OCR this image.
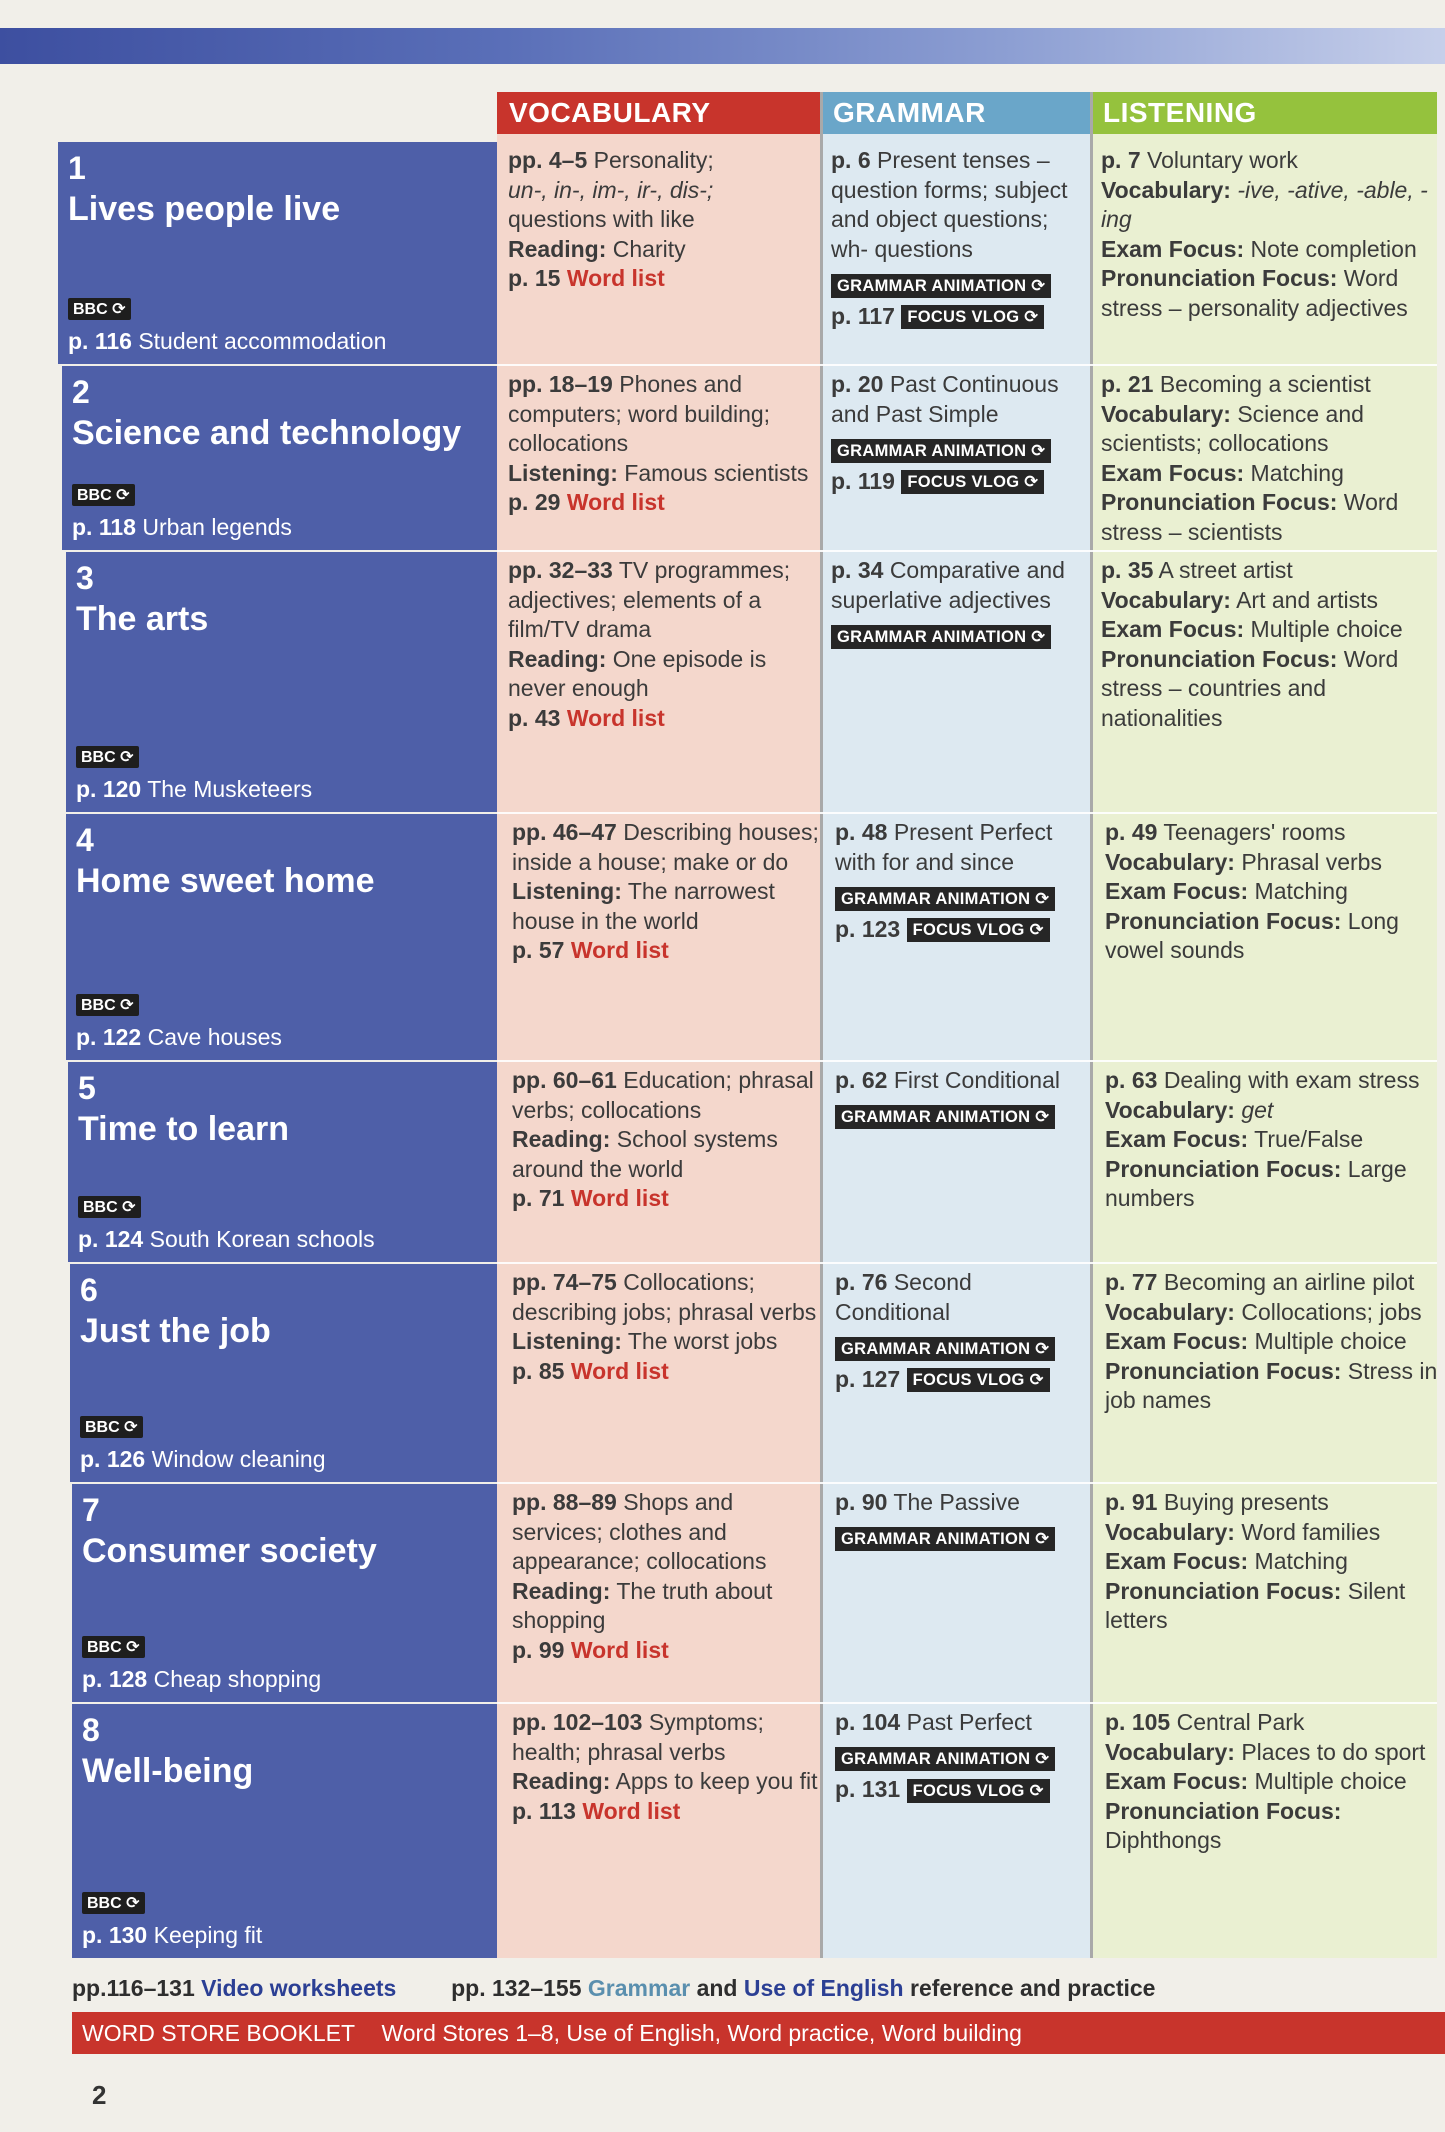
VOCABULARY	GRAMMAR	LISTENING
1
Lives people live
BBC ⟳
p. 116 Student accommodation
pp. 4–5 Personality;
un-, in-, im-, ir-, dis-;
questions with like
Reading: Charity
p. 15 Word list
p. 6 Present tenses – question forms; subject and object questions; wh- questions
GRAMMAR ANIMATION ⟳
p. 117 FOCUS VLOG ⟳
p. 7 Voluntary work
Vocabulary: -ive, -ative, -able, -ing
Exam Focus: Note completion
Pronunciation Focus: Word stress – personality adjectives
2
Science and technology
BBC ⟳
p. 118 Urban legends
pp. 18–19 Phones and computers; word building; collocations
Listening: Famous scientists
p. 29 Word list
p. 20 Past Continuous and Past Simple
GRAMMAR ANIMATION ⟳
p. 119 FOCUS VLOG ⟳
p. 21 Becoming a scientist
Vocabulary: Science and scientists; collocations
Exam Focus: Matching
Pronunciation Focus: Word stress – scientists
3
The arts
BBC ⟳
p. 120 The Musketeers
pp. 32–33 TV programmes; adjectives; elements of a film/TV drama
Reading: One episode is never enough
p. 43 Word list
p. 34 Comparative and superlative adjectives
GRAMMAR ANIMATION ⟳
p. 35 A street artist
Vocabulary: Art and artists
Exam Focus: Multiple choice
Pronunciation Focus: Word stress – countries and nationalities
4
Home sweet home
BBC ⟳
p. 122 Cave houses
pp. 46–47 Describing houses; inside a house; make or do
Listening: The narrowest house in the world
p. 57 Word list
p. 48 Present Perfect with for and since
GRAMMAR ANIMATION ⟳
p. 123 FOCUS VLOG ⟳
p. 49 Teenagers' rooms
Vocabulary: Phrasal verbs
Exam Focus: Matching
Pronunciation Focus: Long vowel sounds
5
Time to learn
BBC ⟳
p. 124 South Korean schools
pp. 60–61 Education; phrasal verbs; collocations
Reading: School systems around the world
p. 71 Word list
p. 62 First Conditional
GRAMMAR ANIMATION ⟳
p. 63 Dealing with exam stress
Vocabulary: get
Exam Focus: True/False
Pronunciation Focus: Large numbers
6
Just the job
BBC ⟳
p. 126 Window cleaning
pp. 74–75 Collocations; describing jobs; phrasal verbs
Listening: The worst jobs
p. 85 Word list
p. 76 Second Conditional
GRAMMAR ANIMATION ⟳
p. 127 FOCUS VLOG ⟳
p. 77 Becoming an airline pilot
Vocabulary: Collocations; jobs
Exam Focus: Multiple choice
Pronunciation Focus: Stress in job names
7
Consumer society
BBC ⟳
p. 128 Cheap shopping
pp. 88–89 Shops and services; clothes and appearance; collocations
Reading: The truth about shopping
p. 99 Word list
p. 90 The Passive
GRAMMAR ANIMATION ⟳
p. 91 Buying presents
Vocabulary: Word families
Exam Focus: Matching
Pronunciation Focus: Silent letters
8
Well-being
BBC ⟳
p. 130 Keeping fit
pp. 102–103 Symptoms; health; phrasal verbs
Reading: Apps to keep you fit
p. 113 Word list
p. 104 Past Perfect
GRAMMAR ANIMATION ⟳
p. 131 FOCUS VLOG ⟳
p. 105 Central Park
Vocabulary: Places to do sport
Exam Focus: Multiple choice
Pronunciation Focus: Diphthongs
pp.116–131 Video worksheets pp. 132–155 Grammar and Use of English reference and practice
WORD STORE BOOKLET Word Stores 1–8, Use of English, Word practice, Word building
2
